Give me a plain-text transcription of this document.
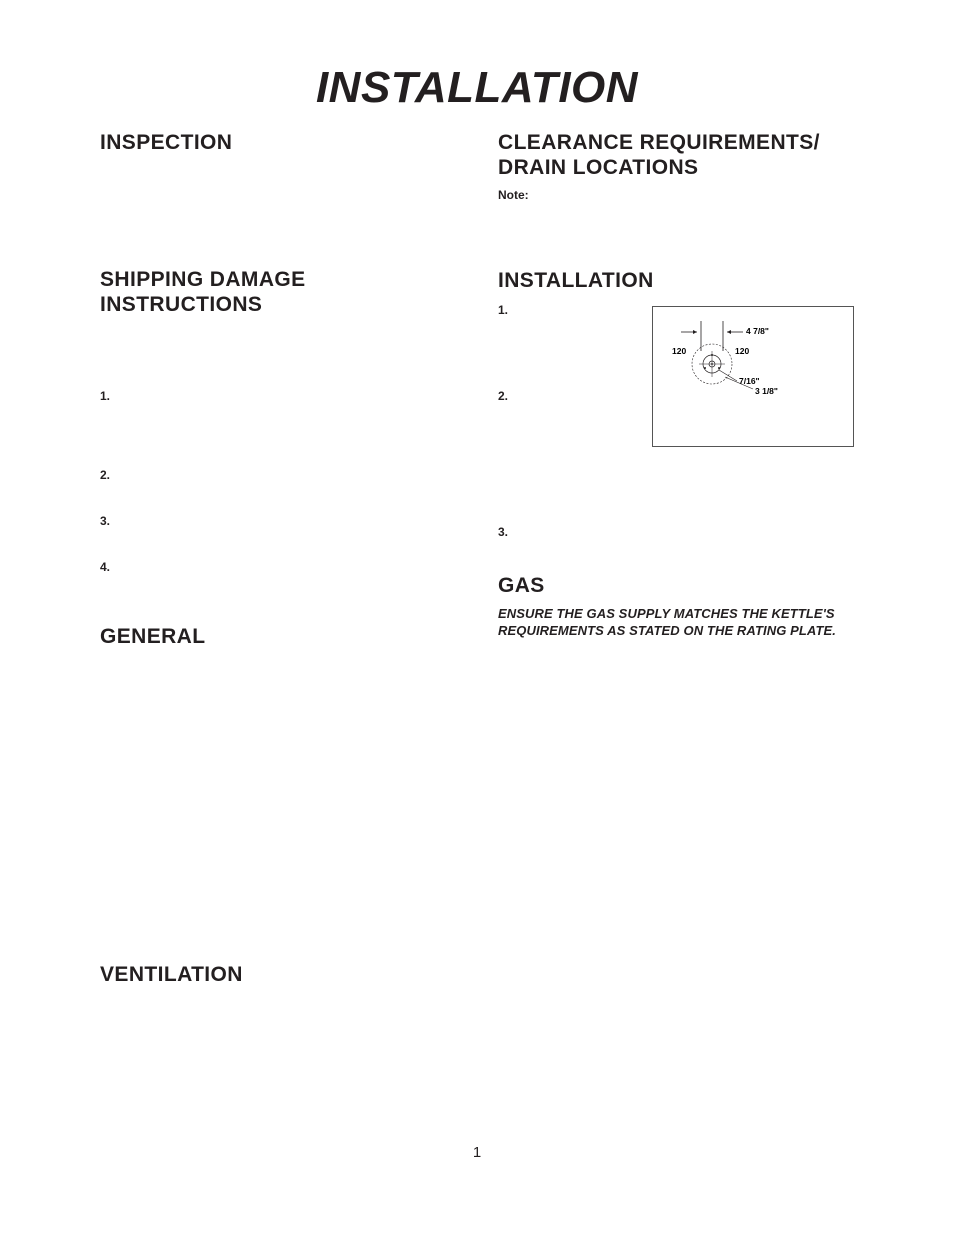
INSTALLATION
INSPECTION
SHIPPING DAMAGE
INSTRUCTIONS
1.
2.
3.
4.
GENERAL
VENTILATION
CLEARANCE REQUIREMENTS/
DRAIN LOCATIONS
Note:
INSTALLATION
1.
2.
3.
4 7/8"
120	120
7/16"
3 1/8"
GAS
ENSURE THE GAS SUPPLY MATCHES THE KETTLE'S REQUIREMENTS AS STATED ON THE RATING PLATE.
1
